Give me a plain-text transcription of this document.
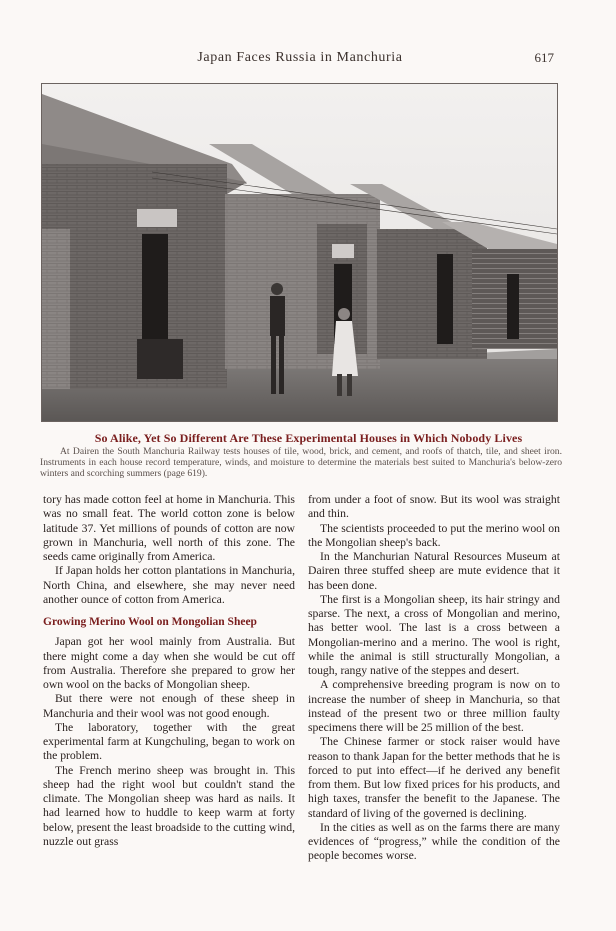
Japan Faces Russia in Manchuria	617
So Alike, Yet So Different Are These Experimental Houses in Which Nobody Lives
At Dairen the South Manchuria Railway tests houses of tile, wood, brick, and cement, and roofs of thatch, tile, and sheet iron. Instruments in each house record temperature, winds, and moisture to determine the materials best suited to Manchuria's below-zero winters and scorching summers (page 619).

tory has made cotton feel at home in Manchuria. This was no small feat. The world cotton zone is below latitude 37. Yet millions of pounds of cotton are now grown in Manchuria, well north of this zone. The seeds came originally from America.

If Japan holds her cotton plantations in Manchuria, North China, and elsewhere, she may never need another ounce of cotton from America.

Growing Merino Wool on Mongolian Sheep

Japan got her wool mainly from Australia. But there might come a day when she would be cut off from Australia. Therefore she prepared to grow her own wool on the backs of Mongolian sheep.

But there were not enough of these sheep in Manchuria and their wool was not good enough.

The laboratory, together with the great experimental farm at Kungchuling, began to work on the problem.

The French merino sheep was brought in. This sheep had the right wool but couldn't stand the climate. The Mongolian sheep was hard as nails. It had learned how to huddle to keep warm at forty below, present the least broadside to the cutting wind, nuzzle out grass

from under a foot of snow. But its wool was straight and thin.

The scientists proceeded to put the merino wool on the Mongolian sheep's back.

In the Manchurian Natural Resources Museum at Dairen three stuffed sheep are mute evidence that it has been done.

The first is a Mongolian sheep, its hair stringy and sparse. The next, a cross of Mongolian and merino, has better wool. The last is a cross between a Mongolian-merino and a merino. The wool is right, while the animal is still structurally Mongolian, a tough, rangy native of the steppes and desert.

A comprehensive breeding program is now on to increase the number of sheep in Manchuria, so that instead of the present two or three million faulty specimens there will be 25 million of the best.

The Chinese farmer or stock raiser would have reason to thank Japan for the better methods that he is forced to put into effect—if he derived any benefit from them. But low fixed prices for his products, and high taxes, transfer the benefit to the Japanese. The standard of living of the governed is declining.

In the cities as well as on the farms there are many evidences of “progress,” while the condition of the people becomes worse.
